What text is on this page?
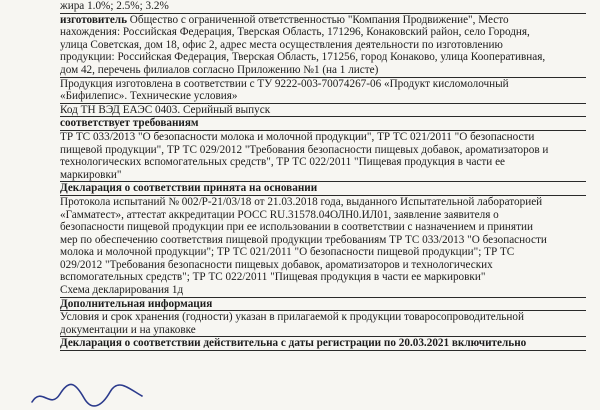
жира 1.0%; 2.5%; 3.2%
изготовитель Общество с ограниченной ответственностью "Компания Продвижение", Место
нахождения: Российская Федерация, Тверская Область, 171296, Конаковский район, село Городня,
улица Советская, дом 18, офис 2, адрес места осуществления деятельности по изготовлению
продукции: Российская Федерация, Тверская Область, 171256, город Конаково, улица Кооперативная,
дом 42, перечень филиалов согласно Приложению №1 (на 1 листе)
Продукция изготовлена в соответствии с ТУ 9222-003-70074267-06 «Продукт кисломолочный
«Бифилепис». Технические условия»
Код ТН ВЭД ЕАЭС 0403. Серийный выпуск
соответствует требованиям
ТР ТС 033/2013 "О безопасности молока и молочной продукции", ТР ТС 021/2011 "О безопасности
пищевой продукции", ТР ТС 029/2012 "Требования безопасности пищевых добавок, ароматизаторов и
технологических вспомогательных средств", ТР ТС 022/2011 "Пищевая продукция в части ее
маркировки"
Декларация о соответствии принята на основании
Протокола испытаний № 002/Р-21/03/18 от 21.03.2018 года, выданного Испытательной лабораторией
«Гамматест», аттестат аккредитации РОСС RU.31578.04ОЛН0.ИЛ01, заявление заявителя о
безопасности пищевой продукции при ее использовании в соответствии с назначением и принятии
мер по обеспечению соответствия пищевой продукции требованиям ТР ТС 033/2013 "О безопасности
молока и молочной продукции"; ТР ТС 021/2011 "О безопасности пищевой продукции"; ТР ТС
029/2012 "Требования безопасности пищевых добавок, ароматизаторов и технологических
вспомогательных средств"; ТР ТС 022/2011 "Пищевая продукция в части ее маркировки"
Схема декларирования 1д
Дополнительная информация
Условия и срок хранения (годности) указан в прилагаемой к продукции товаросопроводительной
документации и на упаковке
Декларация о соответствии действительна с даты регистрации по 20.03.2021 включительно
